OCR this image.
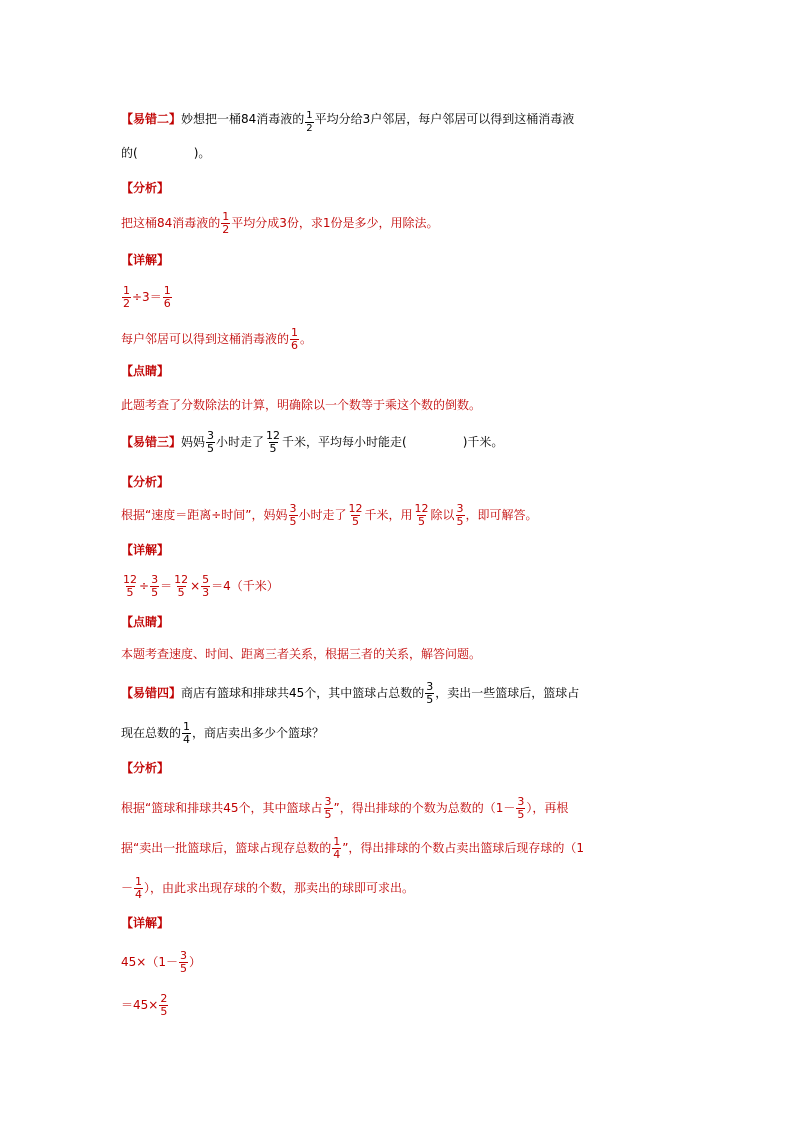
【易错二】妙想把一桶84消毒液的 $\frac{1}{2}$ 平均分给3户邻居，每户邻居可以得到这桶消毒液
的(	)。
【分析】
把这桶84消毒液的 $\frac{1}{2}$ 平均分成3份，求1份是多少，用除法。
【详解】
$\frac{1}{2} \div 3= \frac{1}{6}$
每户邻居可以得到这桶消毒液的 $\frac{1}{6}$ 。
【点睛】
此题考查了分数除法的计算，明确除以一个数等于乘这个数的倒数。
【易错三】妈妈 $\frac{3}{5}$ 小时走了 $\frac{12}{5}$ 千米，平均每小时能走(	)千米。
【分析】
根据“速度＝距离÷时间”，妈妈 $\frac{3}{5}$ 小时走了 $\frac{12}{5}$ 千米，用 $\frac{12}{5}$ 除以 $\frac{3}{5}$ ，即可解答。
【详解】
$\frac{12}{5} \div \frac{3}{5} = \frac{12}{5} \times \frac{5}{3} =4$（千米）
【点睛】
本题考查速度、时间、距离三者关系，根据三者的关系，解答问题。
【易错四】商店有篮球和排球共45个，其中篮球占总数的 $\frac{3}{5}$ ，卖出一些篮球后，篮球占
现在总数的 $\frac{1}{4}$ ，商店卖出多少个篮球？
【分析】
根据“篮球和排球共45个，其中篮球占 $\frac{3}{5}$ ”，得出排球的个数为总数的（$1- \frac{3}{5}$ ），再根
据“卖出一批篮球后，篮球占现存总数的 $\frac{1}{4}$ ”，得出排球的个数占卖出篮球后现存球的（1
－ $\frac{1}{4}$ ），由此求出现存球的个数，那卖出的球即可求出。
【详解】
$45\times(1- \frac{3}{5}$ ）
$=45\times \frac{2}{5}$
